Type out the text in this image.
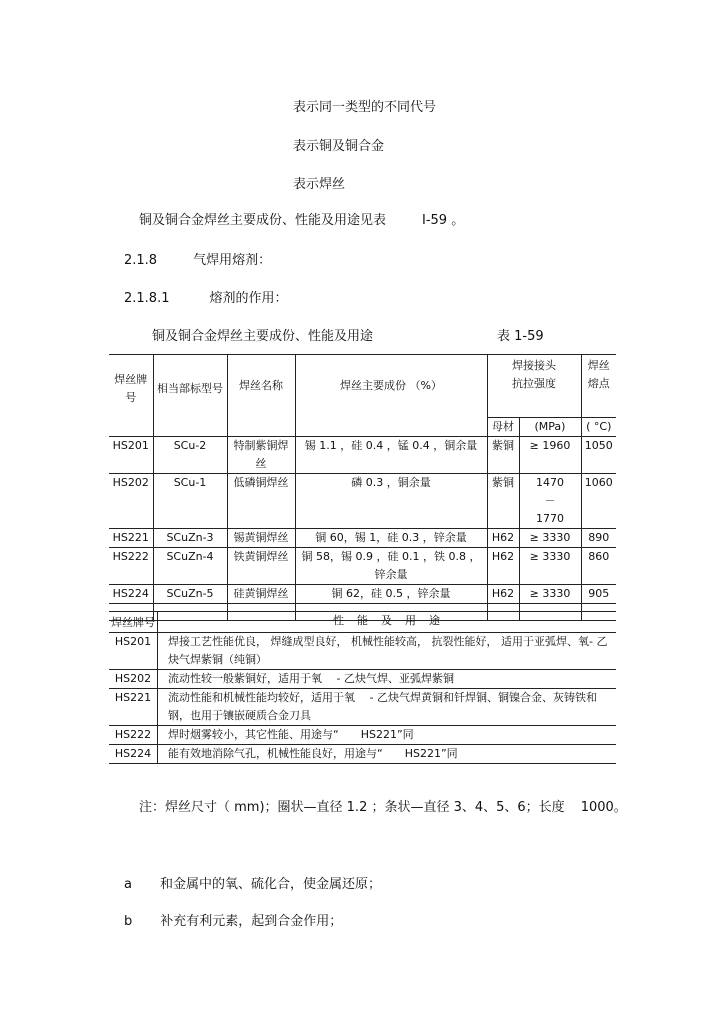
表示同一类型的不同代号
表示铜及铜合金
表示焊丝
铜及铜合金焊丝主要成份、性能及用途见表	I-59 。
2.1.8	气焊用熔剂：
2.1.8.1	熔剂的作用：
铜及铜合金焊丝主要成份、性能及用途	表 1-59
焊丝牌号	相当部标型号	焊丝名称	焊丝主要成份 （%）	焊接接头抗拉强度		焊丝熔点

				母材	(MPa)	( °C)
HS201	SCu-2	特制紫铜焊丝	锡 1.1 ，硅 0.4 ，锰 0.4 ，铜余量	紫铜	≥ 1960	1050
HS202	SCu-1	低磷铜焊丝	磷 0.3 ，铜余量	紫铜	1470－1770	1060
HS221	SCuZn-3	锡黄铜焊丝	铜 60，锡 1，硅 0.3 ，锌余量	H62	≥ 3330	890
HS222	SCuZn-4	铁黄铜焊丝	铜 58，锡 0.9 ，硅 0.1 ，铁 0.8 ，锌余量	H62	≥ 3330	860
HS224	SCuZn-5	硅黄铜焊丝	铜 62，硅 0.5 ，锌余量	H62	≥ 3330	905

焊丝牌号	性　能　及　用　途
HS201	焊接工艺性能优良， 焊缝成型良好， 机械性能较高， 抗裂性能好， 适用于亚弧焊、氧- 乙炔气焊紫铜（纯铜）
HS202	流动性较一般紫铜好，适用于氧　 - 乙炔气焊、亚弧焊紫铜
HS221	流动性能和机械性能均较好，适用于氧　 - 乙炔气焊黄铜和钎焊铜、铜镍合金、灰铸铁和钢，也用于镶嵌硬质合金刀具
HS222	焊时烟雾较小，其它性能、用途与“　　HS221”同
HS224	能有效地消除气孔，机械性能良好，用途与“　　HS221”同
注：焊丝尺寸（ mm)；圈状—直径 1.2 ；条状—直径 3、4、5、6；长度 1000。
a 和金属中的氧、硫化合，使金属还原；
b 补充有利元素，起到合金作用；
